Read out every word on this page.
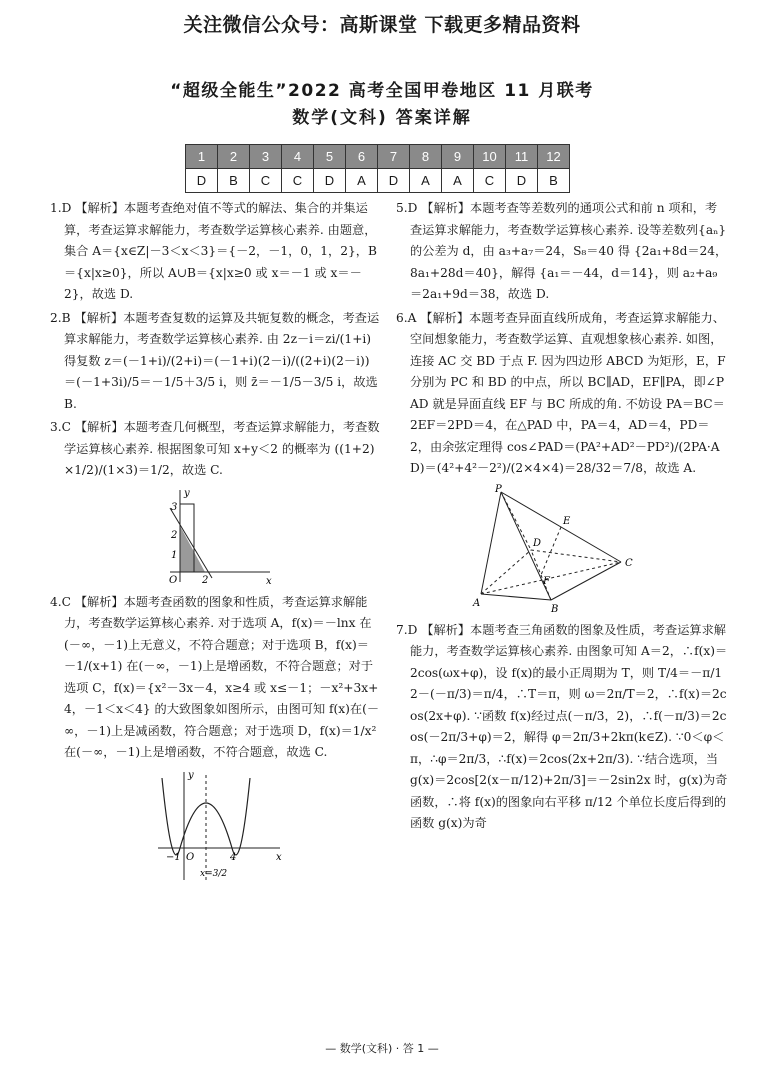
关注微信公众号：高斯课堂 下载更多精品资料
“超级全能生”2022 高考全国甲卷地区 11 月联考
数学(文科) 答案详解
1	2	3	4	5	6	7	8	9	10	11	12
D	B	C	C	D	A	D	A	A	C	D	B
1.D 【解析】本题考查绝对值不等式的解法、集合的并集运算，考查运算求解能力，考查数学运算核心素养. 由题意，集合 A＝{x∈Z|－3＜x＜3}＝{－2，－1，0，1，2}，B＝{x|x≥0}，所以 A∪B＝{x|x≥0 或 x＝－1 或 x＝－2}，故选 D.
2.B 【解析】本题考查复数的运算及共轭复数的概念，考查运算求解能力，考查数学运算核心素养. 由 2z－i＝zi/(1+i) 得复数 z＝(－1+i)/(2+i)＝(－1+i)(2－i)/((2+i)(2－i))＝(－1+3i)/5＝－1/5＋3/5 i，则 z̄＝－1/5－3/5 i，故选 B.
3.C 【解析】本题考查几何概型，考查运算求解能力，考查数学运算核心素养. 根据图象可知 x+y＜2 的概率为 ((1+2)×1/2)/(1×3)＝1/2，故选 C.
y
x
O
1
2
3
2
4.C 【解析】本题考查函数的图象和性质，考查运算求解能力，考查数学运算核心素养. 对于选项 A，f(x)＝－lnx 在(－∞，－1)上无意义，不符合题意；对于选项 B，f(x)＝－1/(x+1) 在(－∞，－1)上是增函数，不符合题意；对于选项 C，f(x)＝{x²－3x－4，x≥4 或 x≤－1；－x²+3x+4，－1＜x＜4} 的大致图象如图所示，由图可知 f(x)在(－∞，－1)上是减函数，符合题意；对于选项 D，f(x)＝1/x² 在(－∞，－1)上是增函数，不符合题意，故选 C.
y
x
O
−1	4
x=3/2
5.D 【解析】本题考查等差数列的通项公式和前 n 项和，考查运算求解能力，考查数学运算核心素养. 设等差数列{aₙ}的公差为 d，由 a₃+a₇＝24，S₈＝40 得 {2a₁+8d＝24，8a₁+28d＝40}，解得 {a₁＝－44，d＝14}，则 a₂+a₉＝2a₁+9d＝38，故选 D.
6.A 【解析】本题考查异面直线所成角，考查运算求解能力、空间想象能力，考查数学运算、直观想象核心素养. 如图，连接 AC 交 BD 于点 F. 因为四边形 ABCD 为矩形，E，F 分别为 PC 和 BD 的中点，所以 BC∥AD，EF∥PA，即∠PAD 就是异面直线 EF 与 BC 所成的角. 不妨设 PA＝BC＝2EF＝2PD＝4，在△PAD 中，PA＝4，AD＝4，PD＝2，由余弦定理得 cos∠PAD＝(PA²+AD²－PD²)/(2PA·AD)＝(4²+4²－2²)/(2×4×4)＝28/32＝7/8，故选 A.
P
E
D
F
A
B
C
7.D 【解析】本题考查三角函数的图象及性质，考查运算求解能力，考查数学运算核心素养. 由图象可知 A＝2，∴f(x)＝2cos(ωx+φ)，设 f(x)的最小正周期为 T，则 T/4＝－π/12－(－π/3)＝π/4，∴T＝π，则 ω＝2π/T＝2，∴f(x)＝2cos(2x+φ). ∵函数 f(x)经过点(－π/3，2)，∴f(－π/3)＝2cos(－2π/3+φ)＝2，解得 φ＝2π/3+2kπ(k∈Z). ∵0＜φ＜π，∴φ＝2π/3，∴f(x)＝2cos(2x+2π/3). ∵结合选项，当 g(x)＝2cos[2(x－π/12)+2π/3]＝－2sin2x 时，g(x)为奇函数，∴将 f(x)的图象向右平移 π/12 个单位长度后得到的函数 g(x)为奇
— 数学(文科) · 答 1 —
